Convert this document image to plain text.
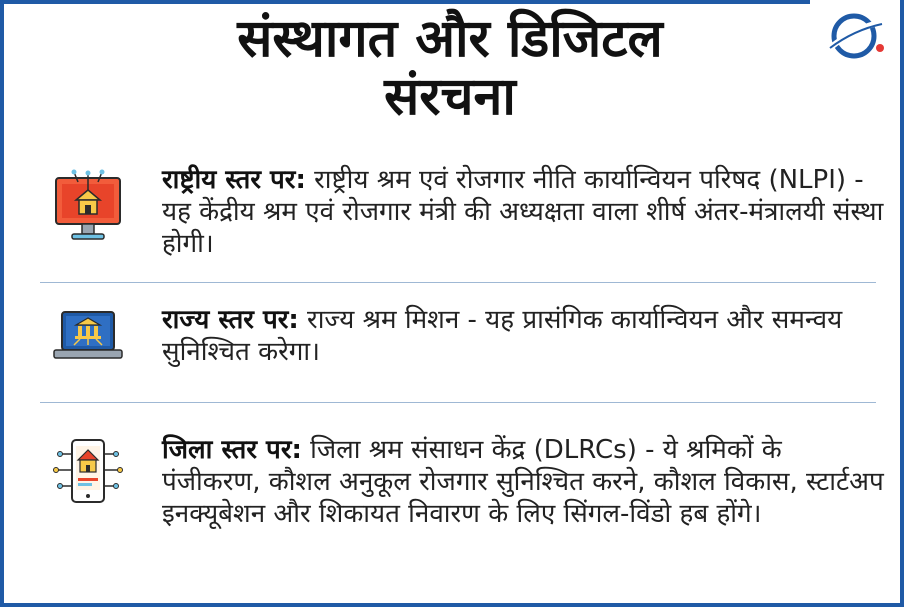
संस्थागत और डिजिटल
संरचना
राष्ट्रीय स्तर पर: राष्ट्रीय श्रम एवं रोजगार नीति कार्यान्वियन परिषद (NLPI) - यह केंद्रीय श्रम एवं रोजगार मंत्री की अध्यक्षता वाला शीर्ष अंतर-मंत्रालयी संस्था होगी।
राज्य स्तर पर: राज्य श्रम मिशन - यह प्रासंगिक कार्यान्वियन और समन्वय सुनिश्चित करेगा।
जिला स्तर पर: जिला श्रम संसाधन केंद्र (DLRCs) - ये श्रमिकों के पंजीकरण, कौशल अनुकूल रोजगार सुनिश्चित करने, कौशल विकास, स्टार्टअप इनक्यूबेशन और शिकायत निवारण के लिए सिंगल-विंडो हब होंगे।
